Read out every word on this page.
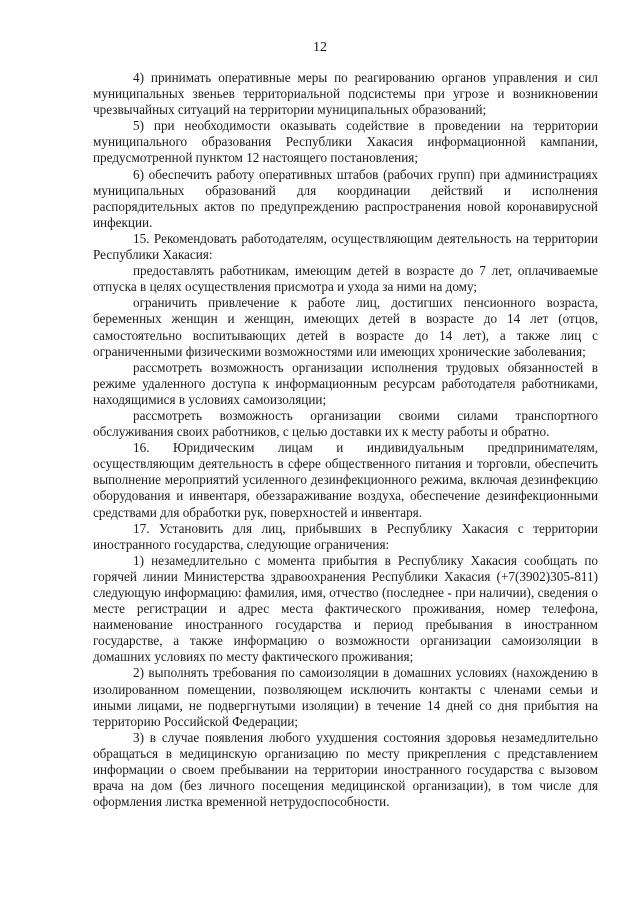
12

4) принимать оперативные меры по реагированию органов управления и сил муниципальных звеньев территориальной подсистемы при угрозе и возникновении чрезвычайных ситуаций на территории муниципальных образований;

5) при необходимости оказывать содействие в проведении на территории муниципального образования Республики Хакасия информационной кампании, предусмотренной пунктом 12 настоящего постановления;

6) обеспечить работу оперативных штабов (рабочих групп) при администрациях муниципальных образований для координации действий и исполнения распорядительных актов по предупреждению распространения новой коронавирусной инфекции.

15. Рекомендовать работодателям, осуществляющим деятельность на территории Республики Хакасия:

предоставлять работникам, имеющим детей в возрасте до 7 лет, оплачиваемые отпуска в целях осуществления присмотра и ухода за ними на дому;

ограничить привлечение к работе лиц, достигших пенсионного возраста, беременных женщин и женщин, имеющих детей в возрасте до 14 лет (отцов, самостоятельно воспитывающих детей в возрасте до 14 лет), а также лиц с ограниченными физическими возможностями или имеющих хронические заболевания;

рассмотреть возможность организации исполнения трудовых обязанностей в режиме удаленного доступа к информационным ресурсам работодателя работниками, находящимися в условиях самоизоляции;

рассмотреть возможность организации своими силами транспортного обслуживания своих работников, с целью доставки их к месту работы и обратно.

16. Юридическим лицам и индивидуальным предпринимателям, осуществляющим деятельность в сфере общественного питания и торговли, обеспечить выполнение мероприятий усиленного дезинфекционного режима, включая дезинфекцию оборудования и инвентаря, обеззараживание воздуха, обеспечение дезинфекционными средствами для обработки рук, поверхностей и инвентаря.

17. Установить для лиц, прибывших в Республику Хакасия с территории иностранного государства, следующие ограничения:

1) незамедлительно с момента прибытия в Республику Хакасия сообщать по горячей линии Министерства здравоохранения Республики Хакасия (+7(3902)305-811) следующую информацию: фамилия, имя, отчество (последнее - при наличии), сведения о месте регистрации и адрес места фактического проживания, номер телефона, наименование иностранного государства и период пребывания в иностранном государстве, а также информацию о возможности организации самоизоляции в домашних условиях по месту фактического проживания;

2) выполнять требования по самоизоляции в домашних условиях (нахождению в изолированном помещении, позволяющем исключить контакты с членами семьи и иными лицами, не подвергнутыми изоляции) в течение 14 дней со дня прибытия на территорию Российской Федерации;

3) в случае появления любого ухудшения состояния здоровья незамедлительно обращаться в медицинскую организацию по месту прикрепления с представлением информации о своем пребывании на территории иностранного государства с вызовом врача на дом (без личного посещения медицинской организации), в том числе для оформления листка временной нетрудоспособности.
